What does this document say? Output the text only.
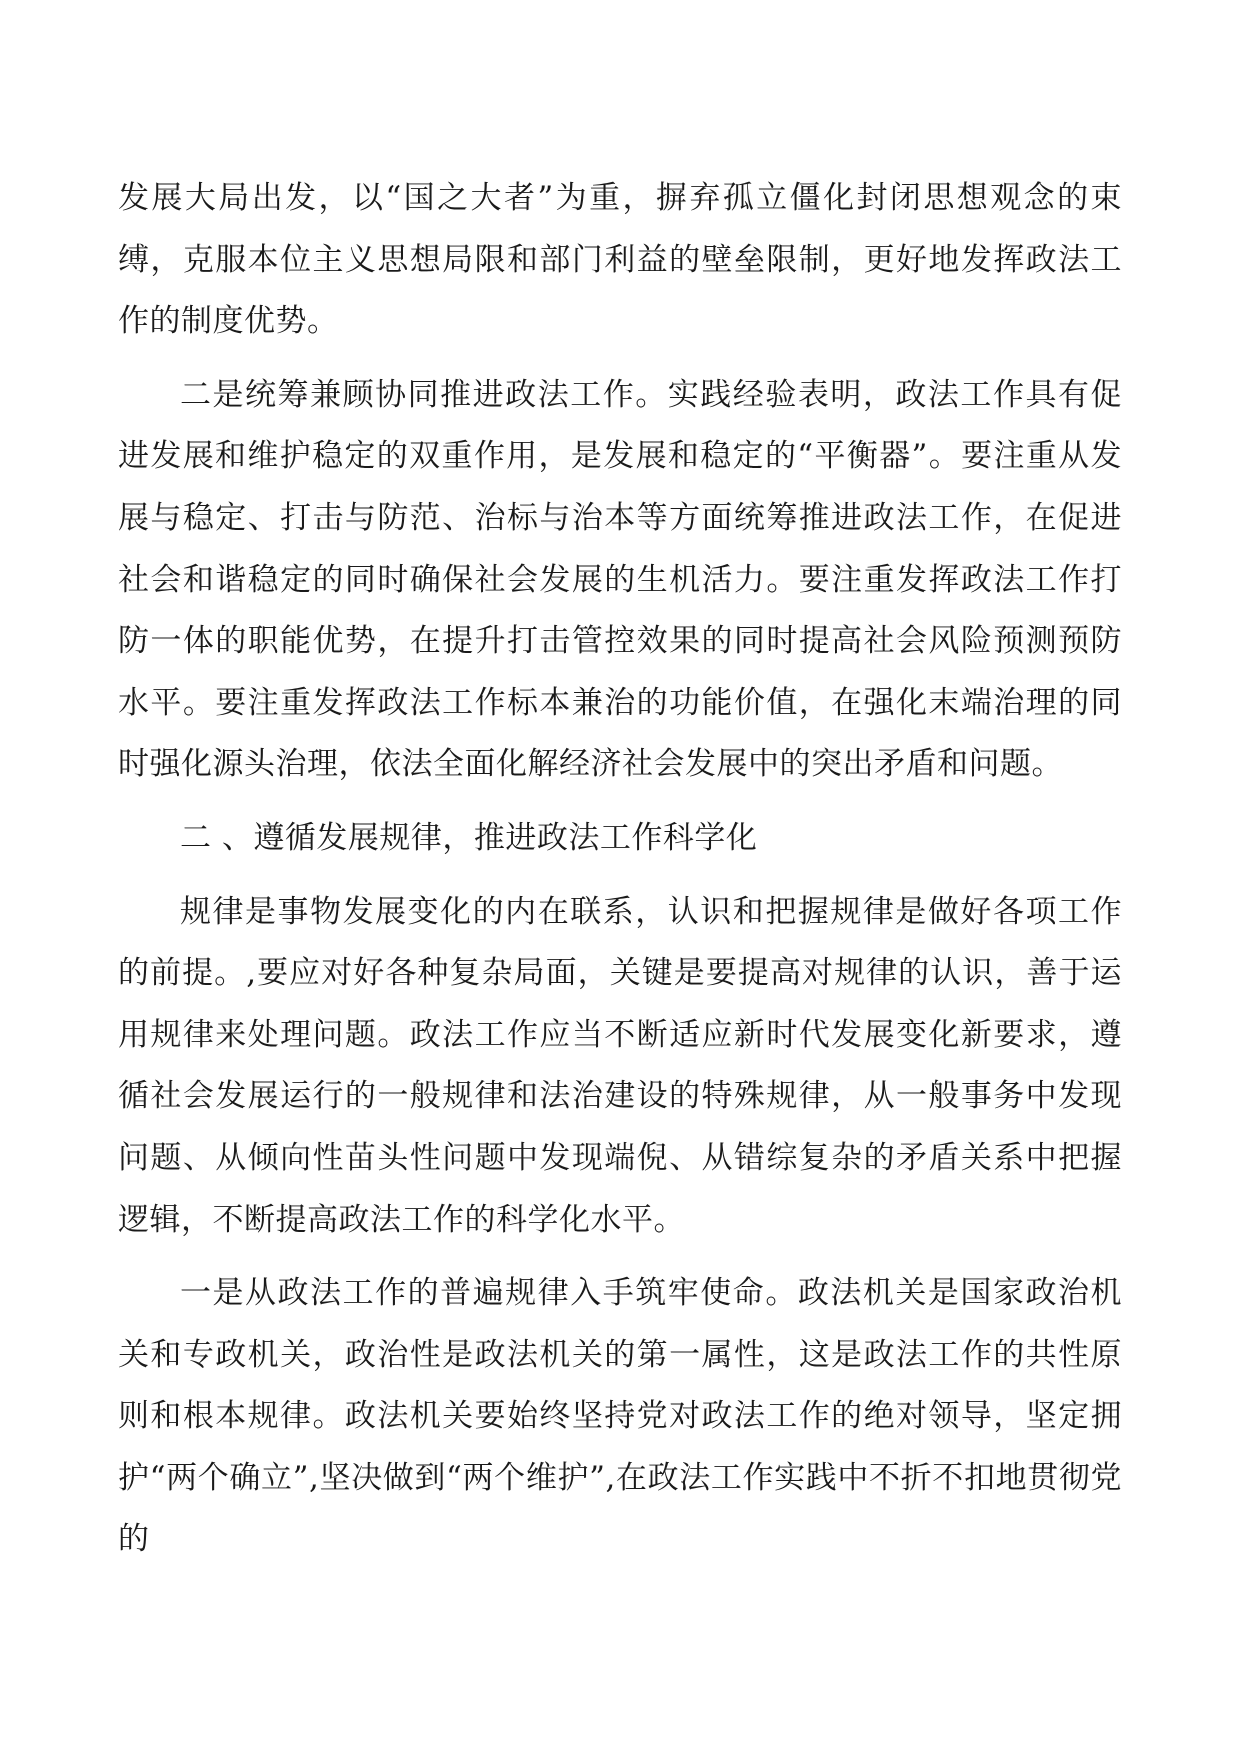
发展大局出发，以“国之大者”为重，摒弃孤立僵化封闭思想观念的束缚，克服本位主义思想局限和部门利益的壁垒限制，更好地发挥政法工作的制度优势。

二是统筹兼顾协同推进政法工作。实践经验表明，政法工作具有促进发展和维护稳定的双重作用，是发展和稳定的“平衡器”。要注重从发展与稳定、打击与防范、治标与治本等方面统筹推进政法工作，在促进社会和谐稳定的同时确保社会发展的生机活力。要注重发挥政法工作打防一体的职能优势，在提升打击管控效果的同时提高社会风险预测预防水平。要注重发挥政法工作标本兼治的功能价值，在强化末端治理的同时强化源头治理，依法全面化解经济社会发展中的突出矛盾和问题。

二 、遵循发展规律，推进政法工作科学化

规律是事物发展变化的内在联系，认识和把握规律是做好各项工作的前提。,要应对好各种复杂局面，关键是要提高对规律的认识，善于运用规律来处理问题。政法工作应当不断适应新时代发展变化新要求，遵循社会发展运行的一般规律和法治建设的特殊规律，从一般事务中发现问题、从倾向性苗头性问题中发现端倪、从错综复杂的矛盾关系中把握逻辑，不断提高政法工作的科学化水平。

一是从政法工作的普遍规律入手筑牢使命。政法机关是国家政治机关和专政机关，政治性是政法机关的第一属性，这是政法工作的共性原则和根本规律。政法机关要始终坚持党对政法工作的绝对领导，坚定拥护“两个确立”,坚决做到“两个维护”,在政法工作实践中不折不扣地贯彻党的
